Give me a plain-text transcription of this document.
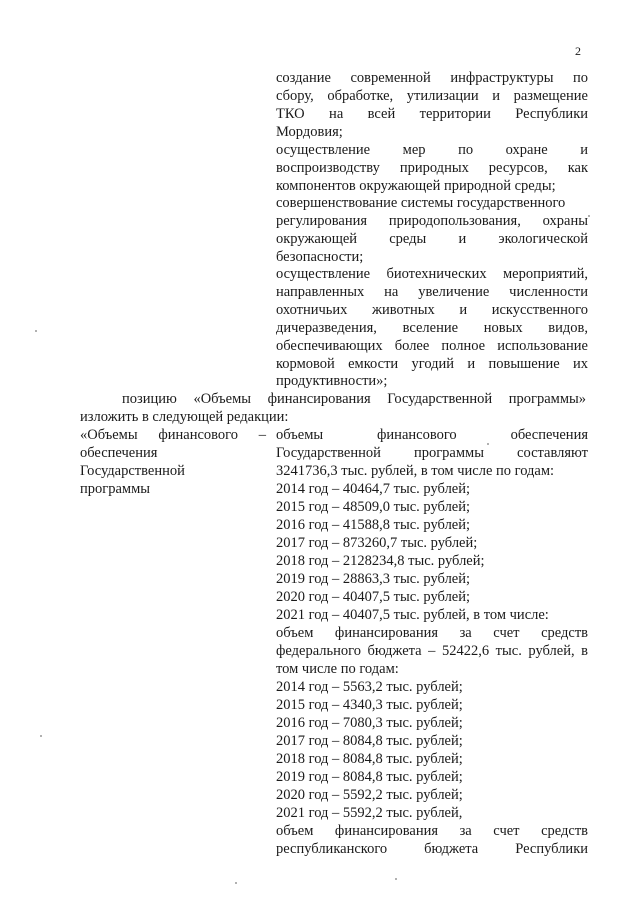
2
создание современной инфраструктуры по
сбору, обработке, утилизации и размещение
ТКО на всей территории Республики
Мордовия;
осуществление мер по охране и
воспроизводству природных ресурсов, как
компонентов окружающей природной среды;
совершенствование системы государственного
регулирования природопользования, охраны
окружающей среды и экологической
безопасности;
осуществление биотехнических мероприятий,
направленных на увеличение численности
охотничьих животных и искусственного
дичеразведения, вселение новых видов,
обеспечивающих более полное использование
кормовой емкости угодий и повышение их
продуктивности»;
позицию «Объемы финансирования Государственной программы»
изложить в следующей редакции:
«Объемы финансового –
обеспечения
Государственной
программы
объемы финансового обеспечения
Государственной программы составляют
3241736,3 тыс. рублей, в том числе по годам:
2014 год – 40464,7 тыс. рублей;
2015 год – 48509,0 тыс. рублей;
2016 год – 41588,8 тыс. рублей;
2017 год – 873260,7 тыс. рублей;
2018 год – 2128234,8 тыс. рублей;
2019 год – 28863,3 тыс. рублей;
2020 год – 40407,5 тыс. рублей;
2021 год – 40407,5 тыс. рублей, в том числе:
объем финансирования за счет средств
федерального бюджета – 52422,6 тыс. рублей, в
том числе по годам:
2014 год – 5563,2 тыс. рублей;
2015 год – 4340,3 тыс. рублей;
2016 год – 7080,3 тыс. рублей;
2017 год – 8084,8 тыс. рублей;
2018 год – 8084,8 тыс. рублей;
2019 год – 8084,8 тыс. рублей;
2020 год – 5592,2 тыс. рублей;
2021 год – 5592,2 тыс. рублей,
объем финансирования за счет средств
республиканского бюджета Республики
